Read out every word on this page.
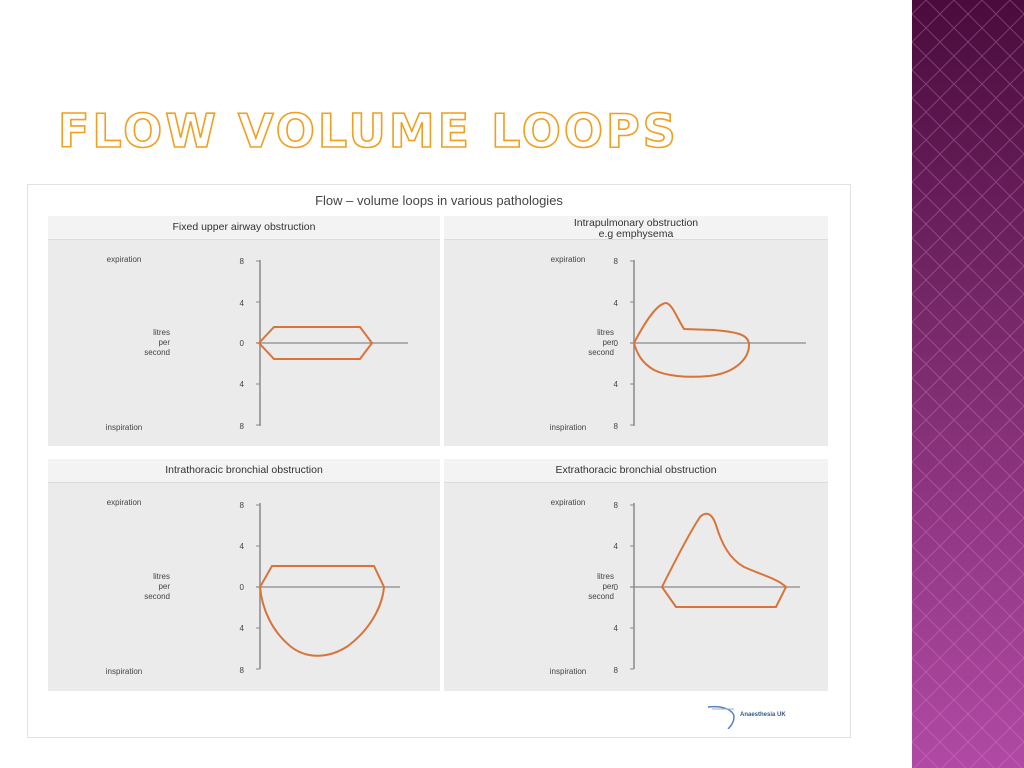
FLOW VOLUME LOOPS
Flow – volume loops in various pathologies
Fixed upper airway obstruction
expiration
inspiration
litres
per
second
8
4
0
4
8
Intrapulmonary obstruction
e.g emphysema
expiration
inspiration
litres
per
second
8
4
0
4
8
Intrathoracic bronchial obstruction
expiration
inspiration
litres
per
second
8
4
0
4
8
Extrathoracic bronchial obstruction
expiration
inspiration
litres
per
second
8
4
0
4
8
Anaesthesia UK
